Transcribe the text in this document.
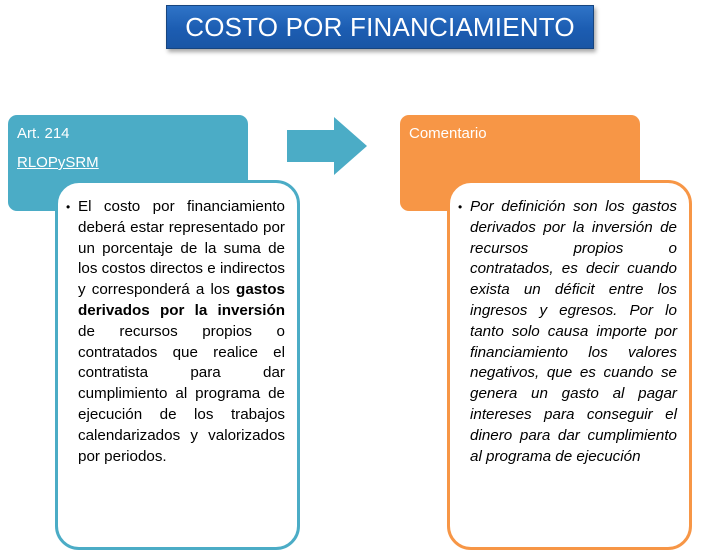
COSTO POR FINANCIAMIENTO
Art. 214
RLOPySRM
Comentario
• El costo por financiamiento deberá estar representado por un porcentaje de la suma de los costos directos e indirectos y corresponderá a los gastos derivados por la inversión de recursos propios o contratados que realice el contratista para dar cumplimiento al programa de ejecución de los trabajos calendarizados y valorizados por periodos.
• Por definición son los gastos derivados por la inversión de recursos propios o contratados, es decir cuando exista un déficit entre los ingresos y egresos. Por lo tanto solo causa importe por financiamiento los valores negativos, que es cuando se genera un gasto al pagar intereses para conseguir el dinero para dar cumplimiento al programa de ejecución
